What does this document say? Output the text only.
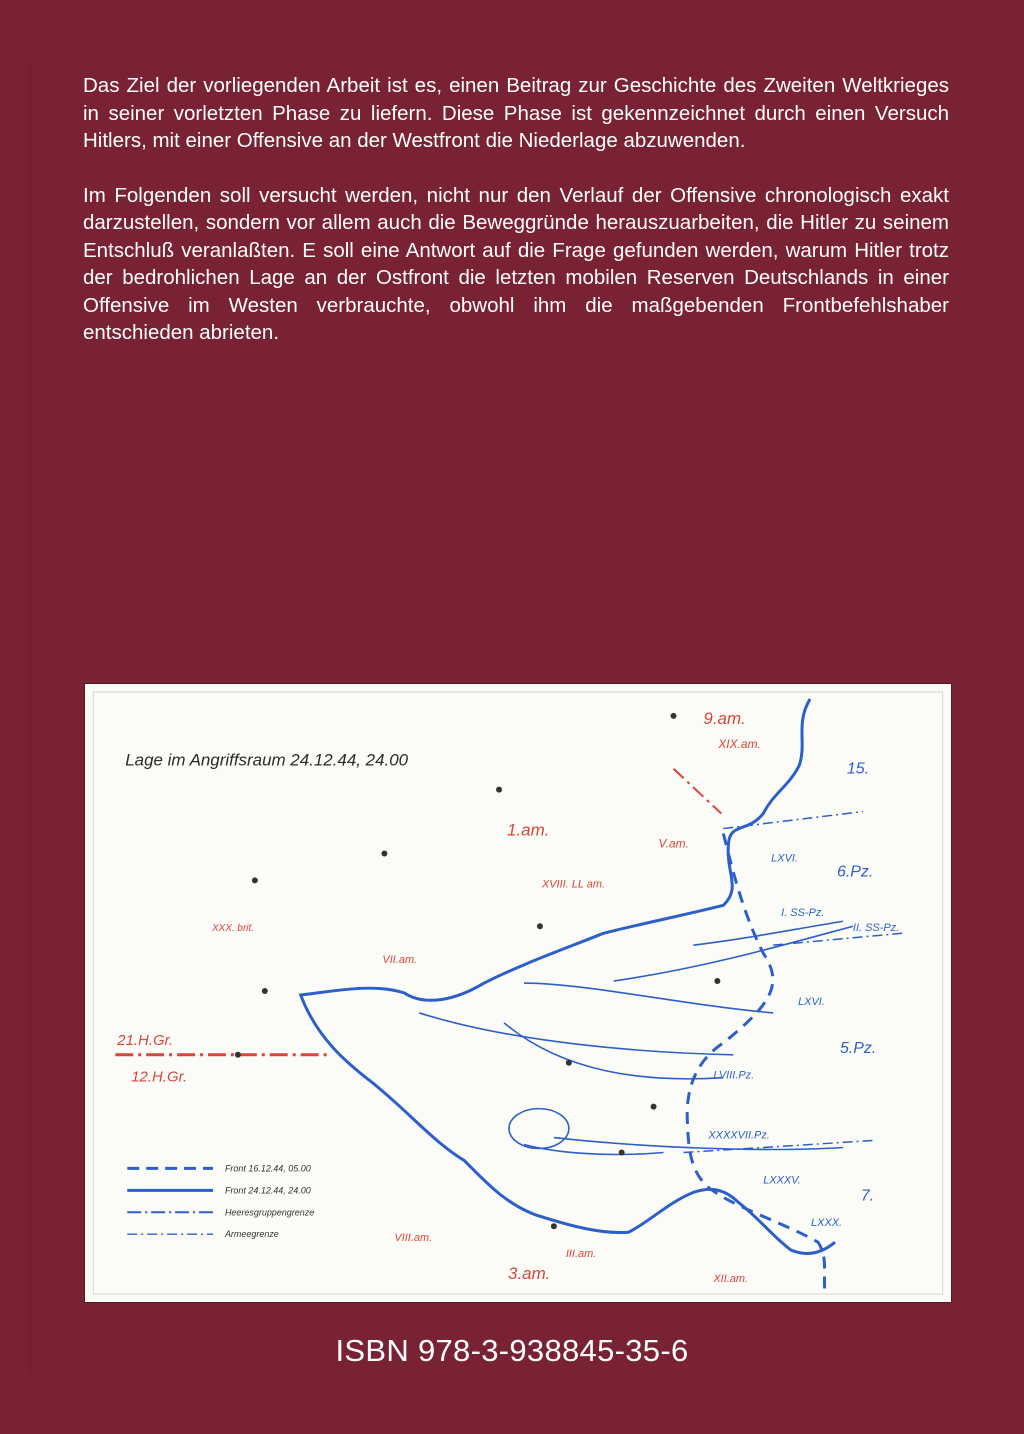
Das Ziel der vorliegenden Arbeit ist es, einen Beitrag zur Geschichte des Zweiten Weltkrieges in seiner vorletzten Phase zu liefern. Diese Phase ist gekennzeichnet durch einen Versuch Hitlers, mit einer Offensive an der Westfront die Niederlage abzuwenden.

Im Folgenden soll versucht werden, nicht nur den Verlauf der Offensive chronologisch exakt darzustellen, sondern vor allem auch die Beweggründe herauszuarbeiten, die Hitler zu seinem Entschluß veranlaßten. E soll eine Antwort auf die Frage gefunden werden, warum Hitler trotz der bedrohlichen Lage an der Ostfront die letzten mobilen Reserven Deutschlands in einer Offensive im Westen verbrauchte, obwohl ihm die maßgebenden Frontbefehlshaber entschieden abrieten.

Lage im Angriffsraum 24.12.44, 24.00
9.am.
XIX.am.
1.am.
V.am.
XVIII. LL am.
XXX. brit.
VII.am.
21.H.Gr.
12.H.Gr.
VIII.am.
III.am.
3.am.	XII.am.
15.
LXVI.
6.Pz.
I. SS-Pz.
II. SS-Pz.
LXVI.
5.Pz.
LVIII.Pz.
XXXXVII.Pz.
LXXXV.
7.
LXXX.
Front 16.12.44, 05.00
Front 24.12.44, 24.00
Heeresgruppengrenze
Armeegrenze
ISBN 978-3-938845-35-6
